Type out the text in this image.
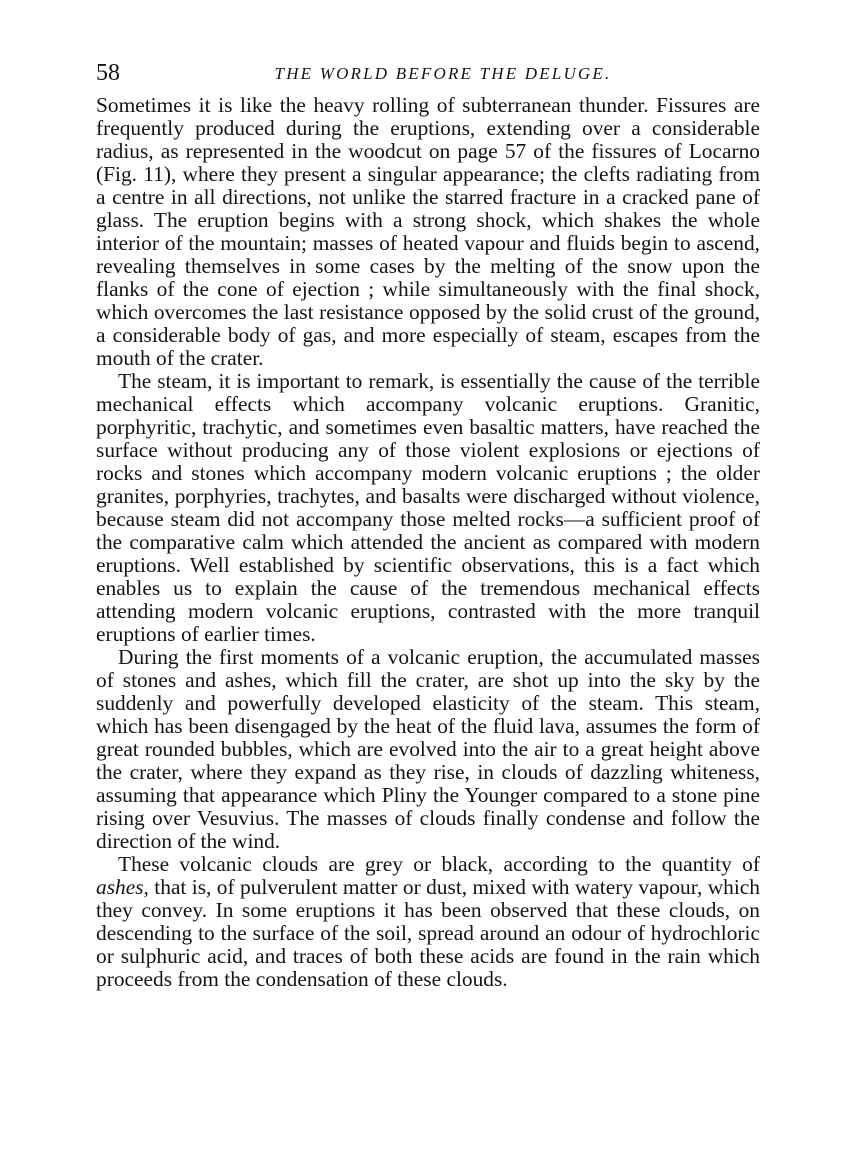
58	THE WORLD BEFORE THE DELUGE.

Sometimes it is like the heavy rolling of subterranean thunder. Fissures are frequently produced during the eruptions, extending over a considerable radius, as represented in the woodcut on page 57 of the fissures of Locarno (Fig. 11), where they present a singular appearance; the clefts radiating from a centre in all directions, not unlike the starred fracture in a cracked pane of glass. The eruption begins with a strong shock, which shakes the whole interior of the mountain; masses of heated vapour and fluids begin to ascend, revealing themselves in some cases by the melting of the snow upon the flanks of the cone of ejection ; while simultaneously with the final shock, which overcomes the last resistance opposed by the solid crust of the ground, a considerable body of gas, and more especially of steam, escapes from the mouth of the crater.

The steam, it is important to remark, is essentially the cause of the terrible mechanical effects which accompany volcanic eruptions. Granitic, porphyritic, trachytic, and sometimes even basaltic matters, have reached the surface without producing any of those violent explosions or ejections of rocks and stones which accompany modern volcanic eruptions ; the older granites, porphyries, trachytes, and basalts were discharged without violence, because steam did not accompany those melted rocks—a sufficient proof of the comparative calm which attended the ancient as compared with modern eruptions. Well established by scientific observations, this is a fact which enables us to explain the cause of the tremendous mechanical effects attending modern volcanic eruptions, contrasted with the more tranquil eruptions of earlier times.

During the first moments of a volcanic eruption, the accumulated masses of stones and ashes, which fill the crater, are shot up into the sky by the suddenly and powerfully developed elasticity of the steam. This steam, which has been disengaged by the heat of the fluid lava, assumes the form of great rounded bubbles, which are evolved into the air to a great height above the crater, where they expand as they rise, in clouds of dazzling whiteness, assuming that appearance which Pliny the Younger compared to a stone pine rising over Vesuvius. The masses of clouds finally condense and follow the direction of the wind.

These volcanic clouds are grey or black, according to the quantity of ashes, that is, of pulverulent matter or dust, mixed with watery vapour, which they convey. In some eruptions it has been observed that these clouds, on descending to the surface of the soil, spread around an odour of hydrochloric or sulphuric acid, and traces of both these acids are found in the rain which proceeds from the condensation of these clouds.
